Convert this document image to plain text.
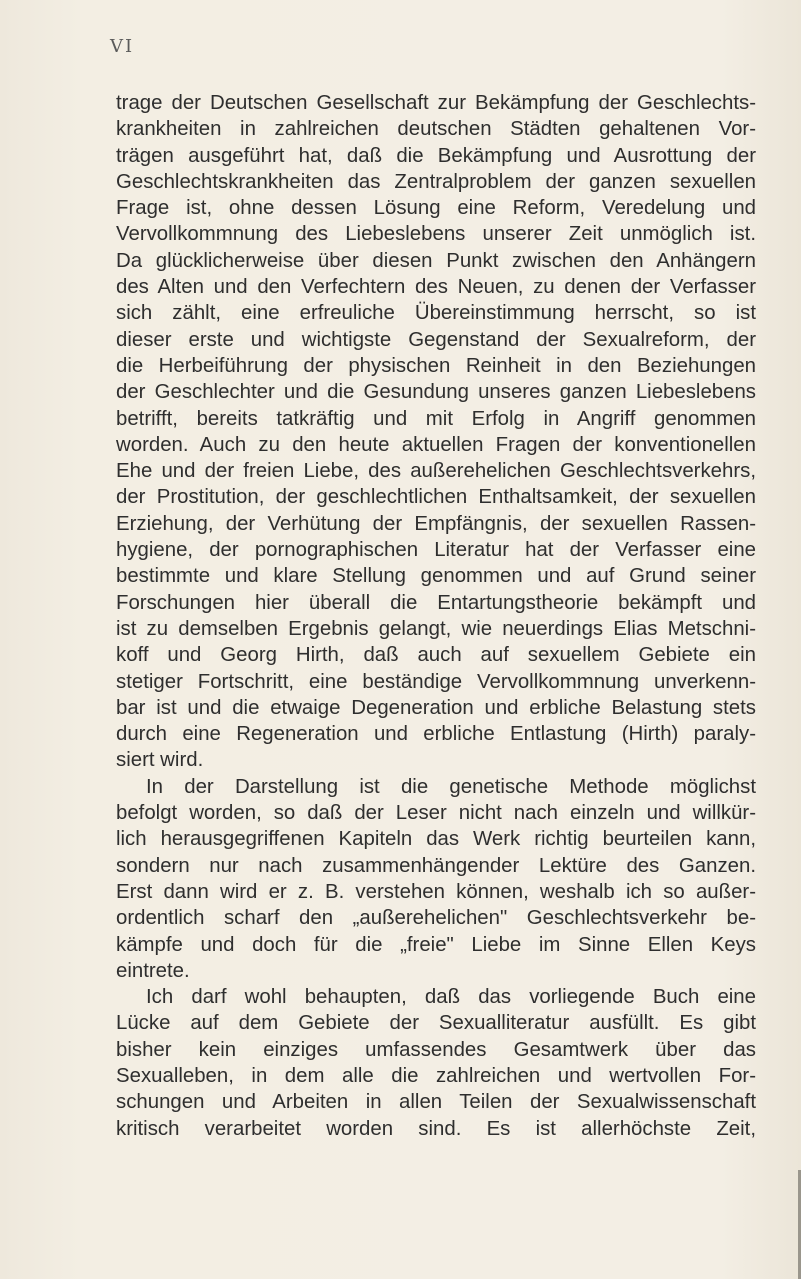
VI
trage der Deutschen Gesellschaft zur Bekämpfung der Geschlechts-
krankheiten in zahlreichen deutschen Städten gehaltenen Vor-
trägen ausgeführt hat, daß die Bekämpfung und Ausrottung der
Geschlechtskrankheiten das Zentralproblem der ganzen sexuellen
Frage ist, ohne dessen Lösung eine Reform, Veredelung und
Vervollkommnung des Liebeslebens unserer Zeit unmöglich ist.
Da glücklicherweise über diesen Punkt zwischen den Anhängern
des Alten und den Verfechtern des Neuen, zu denen der Verfasser
sich zählt, eine erfreuliche Übereinstimmung herrscht, so ist
dieser erste und wichtigste Gegenstand der Sexualreform, der
die Herbeiführung der physischen Reinheit in den Beziehungen
der Geschlechter und die Gesundung unseres ganzen Liebeslebens
betrifft, bereits tatkräftig und mit Erfolg in Angriff genommen
worden. Auch zu den heute aktuellen Fragen der konventionellen
Ehe und der freien Liebe, des außerehelichen Geschlechtsverkehrs,
der Prostitution, der geschlechtlichen Enthaltsamkeit, der sexuellen
Erziehung, der Verhütung der Empfängnis, der sexuellen Rassen-
hygiene, der pornographischen Literatur hat der Verfasser eine
bestimmte und klare Stellung genommen und auf Grund seiner
Forschungen hier überall die Entartungstheorie bekämpft und
ist zu demselben Ergebnis gelangt, wie neuerdings Elias Metschni-
koff und Georg Hirth, daß auch auf sexuellem Gebiete ein
stetiger Fortschritt, eine beständige Vervollkommnung unverkenn-
bar ist und die etwaige Degeneration und erbliche Belastung stets
durch eine Regeneration und erbliche Entlastung (Hirth) paraly-
siert wird.
In der Darstellung ist die genetische Methode möglichst
befolgt worden, so daß der Leser nicht nach einzeln und willkür-
lich herausgegriffenen Kapiteln das Werk richtig beurteilen kann,
sondern nur nach zusammenhängender Lektüre des Ganzen.
Erst dann wird er z. B. verstehen können, weshalb ich so außer-
ordentlich scharf den „außerehelichen" Geschlechtsverkehr be-
kämpfe und doch für die „freie" Liebe im Sinne Ellen Keys
eintrete.
Ich darf wohl behaupten, daß das vorliegende Buch eine
Lücke auf dem Gebiete der Sexualliteratur ausfüllt. Es gibt
bisher kein einziges umfassendes Gesamtwerk über das
Sexualleben, in dem alle die zahlreichen und wertvollen For-
schungen und Arbeiten in allen Teilen der Sexualwissenschaft
kritisch verarbeitet worden sind. Es ist allerhöchste Zeit,
